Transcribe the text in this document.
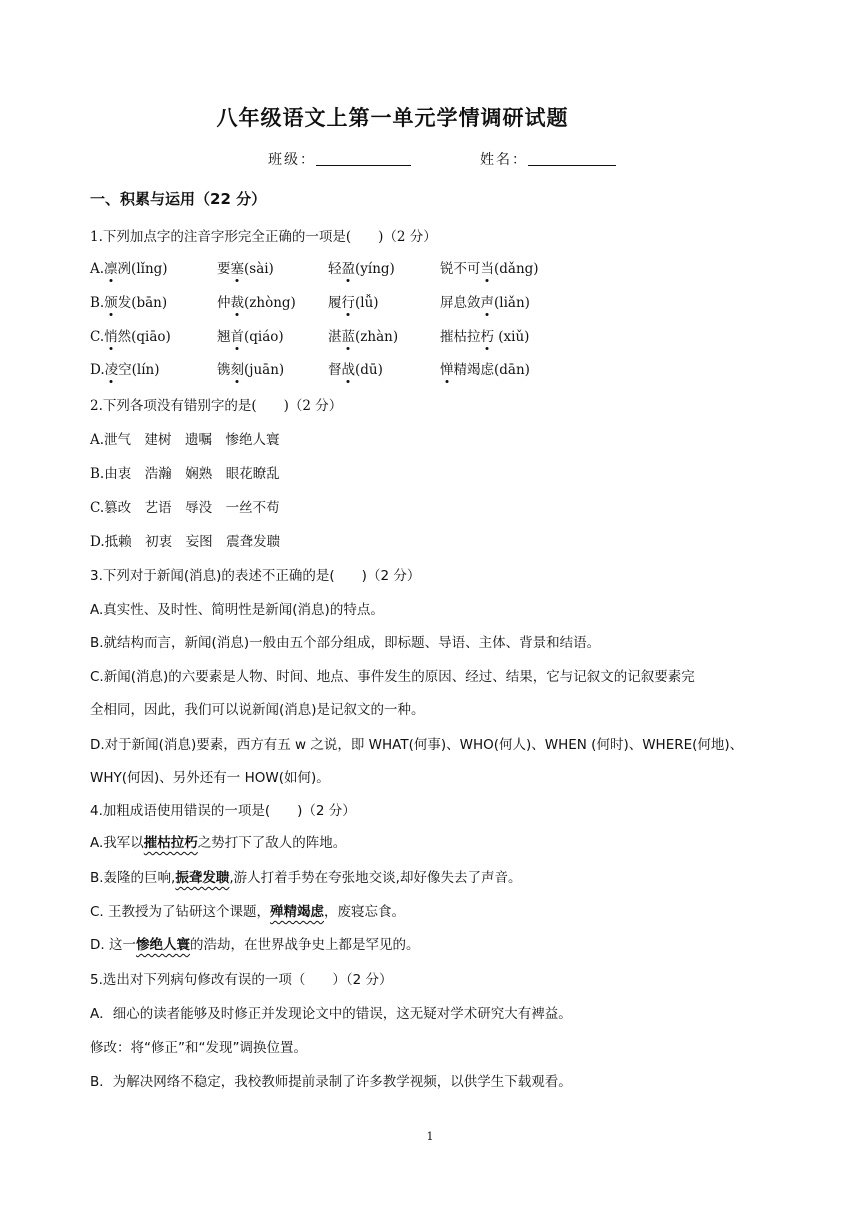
八年级语文上第一单元学情调研试题
班级：	姓名：
一、积累与运用（22 分）
1.下列加点字的注音字形完全正确的一项是(　　)（2 分）
A.凛冽(lǐng)	要塞(sài)	轻盈(yíng)	锐不可当(dǎng)
B.颁发(bān)	仲裁(zhòng) 履行(lǚ)	屏息敛声(liǎn)
C.悄然(qiāo)	翘首(qiáo)	湛蓝(zhàn)	摧枯拉朽 (xiǔ)
D.凌空(lín)	镌刻(juān)	督战(dū)	惮精竭虑(dān)
2.下列各项没有错别字的是(　　)（2 分）
A.泄气　建树　遗嘱　惨绝人寰
B.由衷　浩瀚　娴熟　眼花瞭乱
C.篡改　艺语　辱没　一丝不苟
D.抵赖　初衷　妄图　震聋发聩
3.下列对于新闻(消息)的表述不正确的是(　　)（2 分）
A.真实性、及时性、简明性是新闻(消息)的特点。
B.就结构而言，新闻(消息)一般由五个部分组成，即标题、导语、主体、背景和结语。
C.新闻(消息)的六要素是人物、时间、地点、事件发生的原因、经过、结果，它与记叙文的记叙要素完
全相同，因此，我们可以说新闻(消息)是记叙文的一种。
D.对于新闻(消息)要素，西方有五 w 之说，即 WHAT(何事)、WHO(何人)、WHEN (何时)、WHERE(何地)、
WHY(何因)、另外还有一 HOW(如何)。
4.加粗成语使用错误的一项是(　　)（2 分）
A.我军以摧枯拉朽之势打下了敌人的阵地。
B.轰隆的巨响,振聋发聩,游人打着手势在夸张地交谈,却好像失去了声音。
C. 王教授为了钻研这个课题，殚精竭虑，废寝忘食。
D. 这一惨绝人寰的浩劫，在世界战争史上都是罕见的。
5.选出对下列病句修改有误的一项（　　）（2 分）
A．细心的读者能够及时修正并发现论文中的错误，这无疑对学术研究大有裨益。
修改：将“修正”和“发现”调换位置。
B．为解决网络不稳定，我校教师提前录制了许多教学视频，以供学生下载观看。
1
